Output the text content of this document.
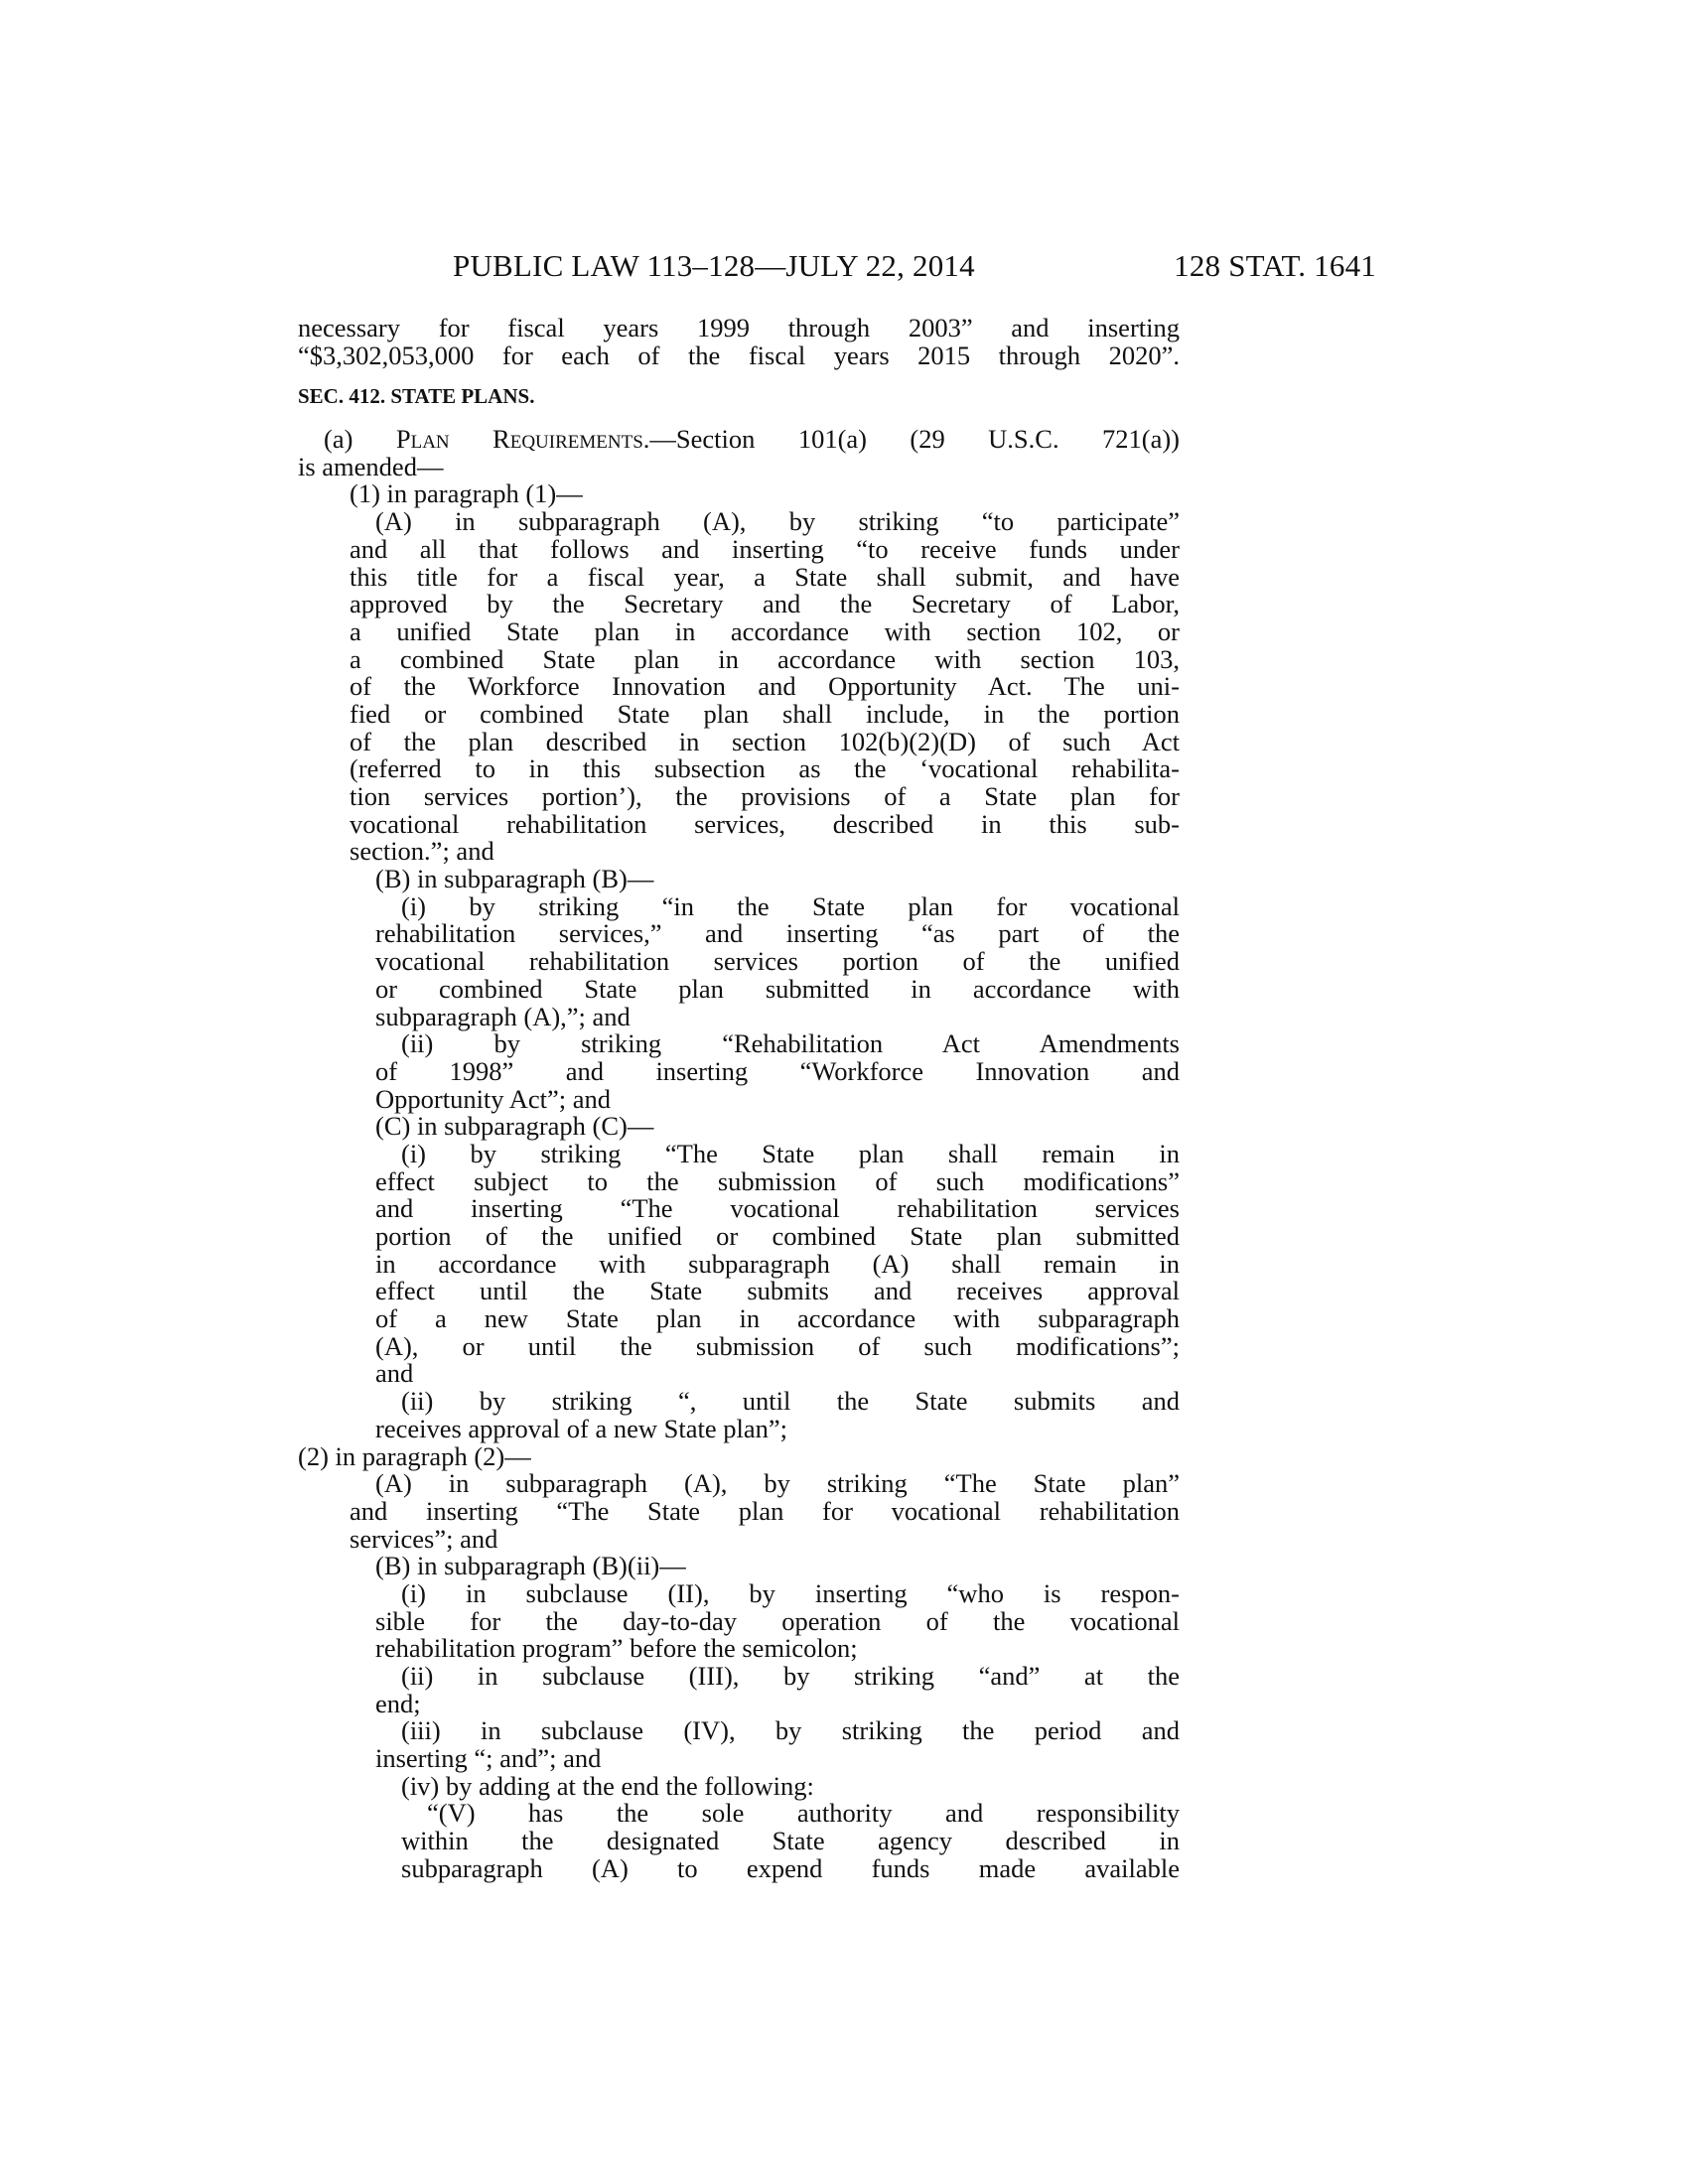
PUBLIC LAW 113–128—JULY 22, 2014	128 STAT. 1641
necessary for fiscal years 1999 through 2003” and inserting
“$3,302,053,000 for each of the fiscal years 2015 through 2020”.
SEC. 412. STATE PLANS.
(a) Plan Requirements.—Section 101(a) (29 U.S.C. 721(a))
is amended—
(1) in paragraph (1)—
(A) in subparagraph (A), by striking “to participate”
and all that follows and inserting “to receive funds under
this title for a fiscal year, a State shall submit, and have
approved by the Secretary and the Secretary of Labor,
a unified State plan in accordance with section 102, or
a combined State plan in accordance with section 103,
of the Workforce Innovation and Opportunity Act. The uni-
fied or combined State plan shall include, in the portion
of the plan described in section 102(b)(2)(D) of such Act
(referred to in this subsection as the ‘vocational rehabilita-
tion services portion’), the provisions of a State plan for
vocational rehabilitation services, described in this sub-
section.”; and
(B) in subparagraph (B)—
(i) by striking “in the State plan for vocational
rehabilitation services,” and inserting “as part of the
vocational rehabilitation services portion of the unified
or combined State plan submitted in accordance with
subparagraph (A),”; and
(ii) by striking “Rehabilitation Act Amendments
of 1998” and inserting “Workforce Innovation and
Opportunity Act”; and
(C) in subparagraph (C)—
(i) by striking “The State plan shall remain in
effect subject to the submission of such modifications”
and inserting “The vocational rehabilitation services
portion of the unified or combined State plan submitted
in accordance with subparagraph (A) shall remain in
effect until the State submits and receives approval
of a new State plan in accordance with subparagraph
(A), or until the submission of such modifications”;
and
(ii) by striking “, until the State submits and
receives approval of a new State plan”;
(2) in paragraph (2)—
(A) in subparagraph (A), by striking “The State plan”
and inserting “The State plan for vocational rehabilitation
services”; and
(B) in subparagraph (B)(ii)—
(i) in subclause (II), by inserting “who is respon-
sible for the day-to-day operation of the vocational
rehabilitation program” before the semicolon;
(ii) in subclause (III), by striking “and” at the
end;
(iii) in subclause (IV), by striking the period and
inserting “; and”; and
(iv) by adding at the end the following:
“(V) has the sole authority and responsibility
within the designated State agency described in
subparagraph (A) to expend funds made available
